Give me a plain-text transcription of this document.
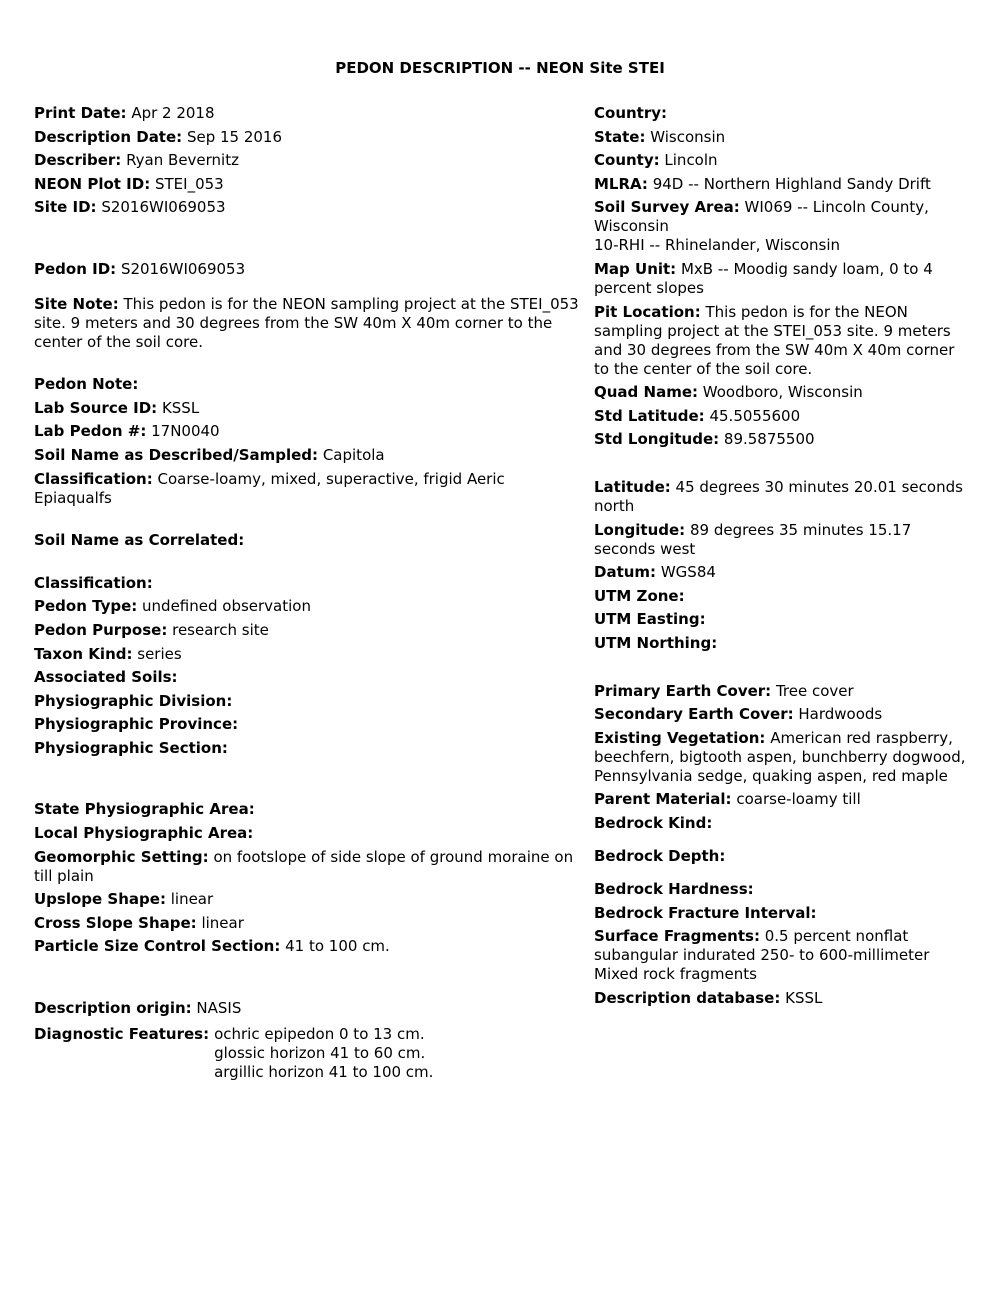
PEDON DESCRIPTION -- NEON Site STEI
Print Date: Apr 2 2018
Description Date: Sep 15 2016
Describer: Ryan Bevernitz
NEON Plot ID: STEI_053
Site ID: S2016WI069053
Pedon ID: S2016WI069053
Site Note: This pedon is for the NEON sampling project at the STEI_053 site. 9 meters and 30 degrees from the SW 40m X 40m corner to the center of the soil core.
Pedon Note:
Lab Source ID: KSSL
Lab Pedon #: 17N0040
Soil Name as Described/Sampled: Capitola
Classification: Coarse-loamy, mixed, superactive, frigid Aeric Epiaqualfs
Soil Name as Correlated:
Classification:
Pedon Type: undefined observation
Pedon Purpose: research site
Taxon Kind: series
Associated Soils:
Physiographic Division:
Physiographic Province:
Physiographic Section:
State Physiographic Area:
Local Physiographic Area:
Geomorphic Setting: on footslope of side slope of ground moraine on till plain
Upslope Shape: linear
Cross Slope Shape: linear
Particle Size Control Section: 41 to 100 cm.
Description origin: NASIS
Diagnostic Features: ochric epipedon 0 to 13 cm.
glossic horizon 41 to 60 cm.
argillic horizon 41 to 100 cm.
Country:
State: Wisconsin
County: Lincoln
MLRA: 94D -- Northern Highland Sandy Drift
Soil Survey Area: WI069 -- Lincoln County, Wisconsin
10-RHI -- Rhinelander, Wisconsin
Map Unit: MxB -- Moodig sandy loam, 0 to 4 percent slopes
Pit Location: This pedon is for the NEON sampling project at the STEI_053 site. 9 meters and 30 degrees from the SW 40m X 40m corner to the center of the soil core.
Quad Name: Woodboro, Wisconsin
Std Latitude: 45.5055600
Std Longitude: 89.5875500
Latitude: 45 degrees 30 minutes 20.01 seconds north
Longitude: 89 degrees 35 minutes 15.17 seconds west
Datum: WGS84
UTM Zone:
UTM Easting:
UTM Northing:
Primary Earth Cover: Tree cover
Secondary Earth Cover: Hardwoods
Existing Vegetation: American red raspberry, beechfern, bigtooth aspen, bunchberry dogwood, Pennsylvania sedge, quaking aspen, red maple
Parent Material: coarse-loamy till
Bedrock Kind:
Bedrock Depth:
Bedrock Hardness:
Bedrock Fracture Interval:
Surface Fragments: 0.5 percent nonflat subangular indurated 250- to 600-millimeter Mixed rock fragments
Description database: KSSL
